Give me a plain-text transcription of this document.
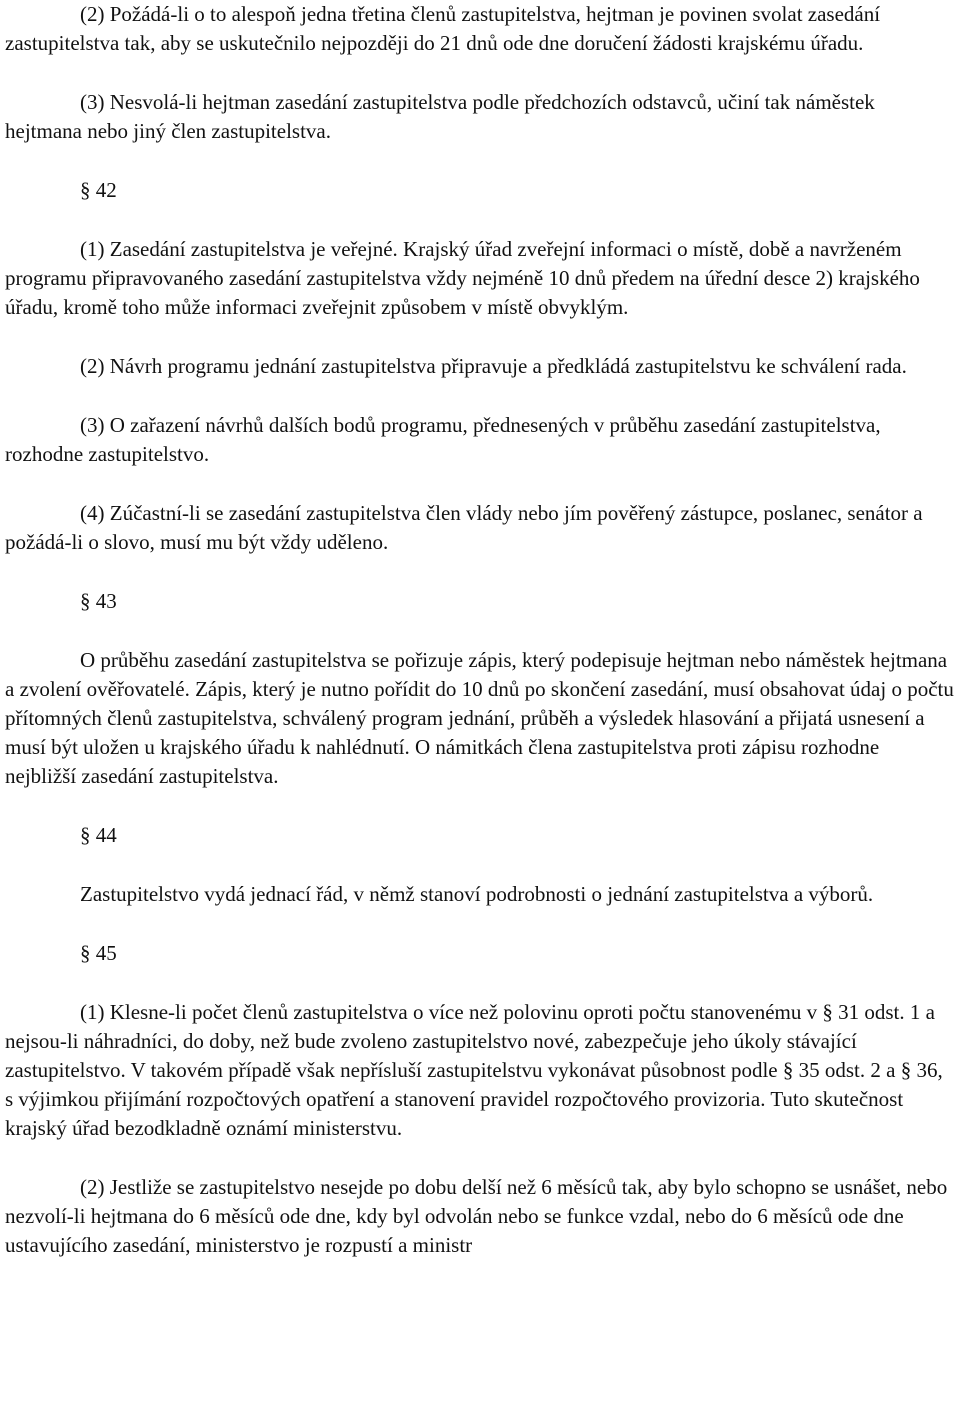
(2) Požádá-li o to alespoň jedna třetina členů zastupitelstva, hejtman je povinen svolat zasedání zastupitelstva tak, aby se uskutečnilo nejpozději do 21 dnů ode dne doručení žádosti krajskému úřadu.

(3) Nesvolá-li hejtman zasedání zastupitelstva podle předchozích odstavců, učiní tak náměstek hejtmana nebo jiný člen zastupitelstva.

§ 42

(1) Zasedání zastupitelstva je veřejné. Krajský úřad zveřejní informaci o místě, době a navrženém programu připravovaného zasedání zastupitelstva vždy nejméně 10 dnů předem na úřední desce 2) krajského úřadu, kromě toho může informaci zveřejnit způsobem v místě obvyklým.

(2) Návrh programu jednání zastupitelstva připravuje a předkládá zastupitelstvu ke schválení rada.

(3) O zařazení návrhů dalších bodů programu, přednesených v průběhu zasedání zastupitelstva, rozhodne zastupitelstvo.

(4) Zúčastní-li se zasedání zastupitelstva člen vlády nebo jím pověřený zástupce, poslanec, senátor a požádá-li o slovo, musí mu být vždy uděleno.

§ 43

O průběhu zasedání zastupitelstva se pořizuje zápis, který podepisuje hejtman nebo náměstek hejtmana a zvolení ověřovatelé. Zápis, který je nutno pořídit do 10 dnů po skončení zasedání, musí obsahovat údaj o počtu přítomných členů zastupitelstva, schválený program jednání, průběh a výsledek hlasování a přijatá usnesení a musí být uložen u krajského úřadu k nahlédnutí. O námitkách člena zastupitelstva proti zápisu rozhodne nejbližší zasedání zastupitelstva.

§ 44

Zastupitelstvo vydá jednací řád, v němž stanoví podrobnosti o jednání zastupitelstva a výborů.

§ 45

(1) Klesne-li počet členů zastupitelstva o více než polovinu oproti počtu stanovenému v § 31 odst. 1 a nejsou-li náhradníci, do doby, než bude zvoleno zastupitelstvo nové, zabezpečuje jeho úkoly stávající zastupitelstvo. V takovém případě však nepřísluší zastupitelstvu vykonávat působnost podle § 35 odst. 2 a § 36, s výjimkou přijímání rozpočtových opatření a stanovení pravidel rozpočtového provizoria. Tuto skutečnost krajský úřad bezodkladně oznámí ministerstvu.

(2) Jestliže se zastupitelstvo nesejde po dobu delší než 6 měsíců tak, aby bylo schopno se usnášet, nebo nezvolí-li hejtmana do 6 měsíců ode dne, kdy byl odvolán nebo se funkce vzdal, nebo do 6 měsíců ode dne ustavujícího zasedání, ministerstvo je rozpustí a ministr
